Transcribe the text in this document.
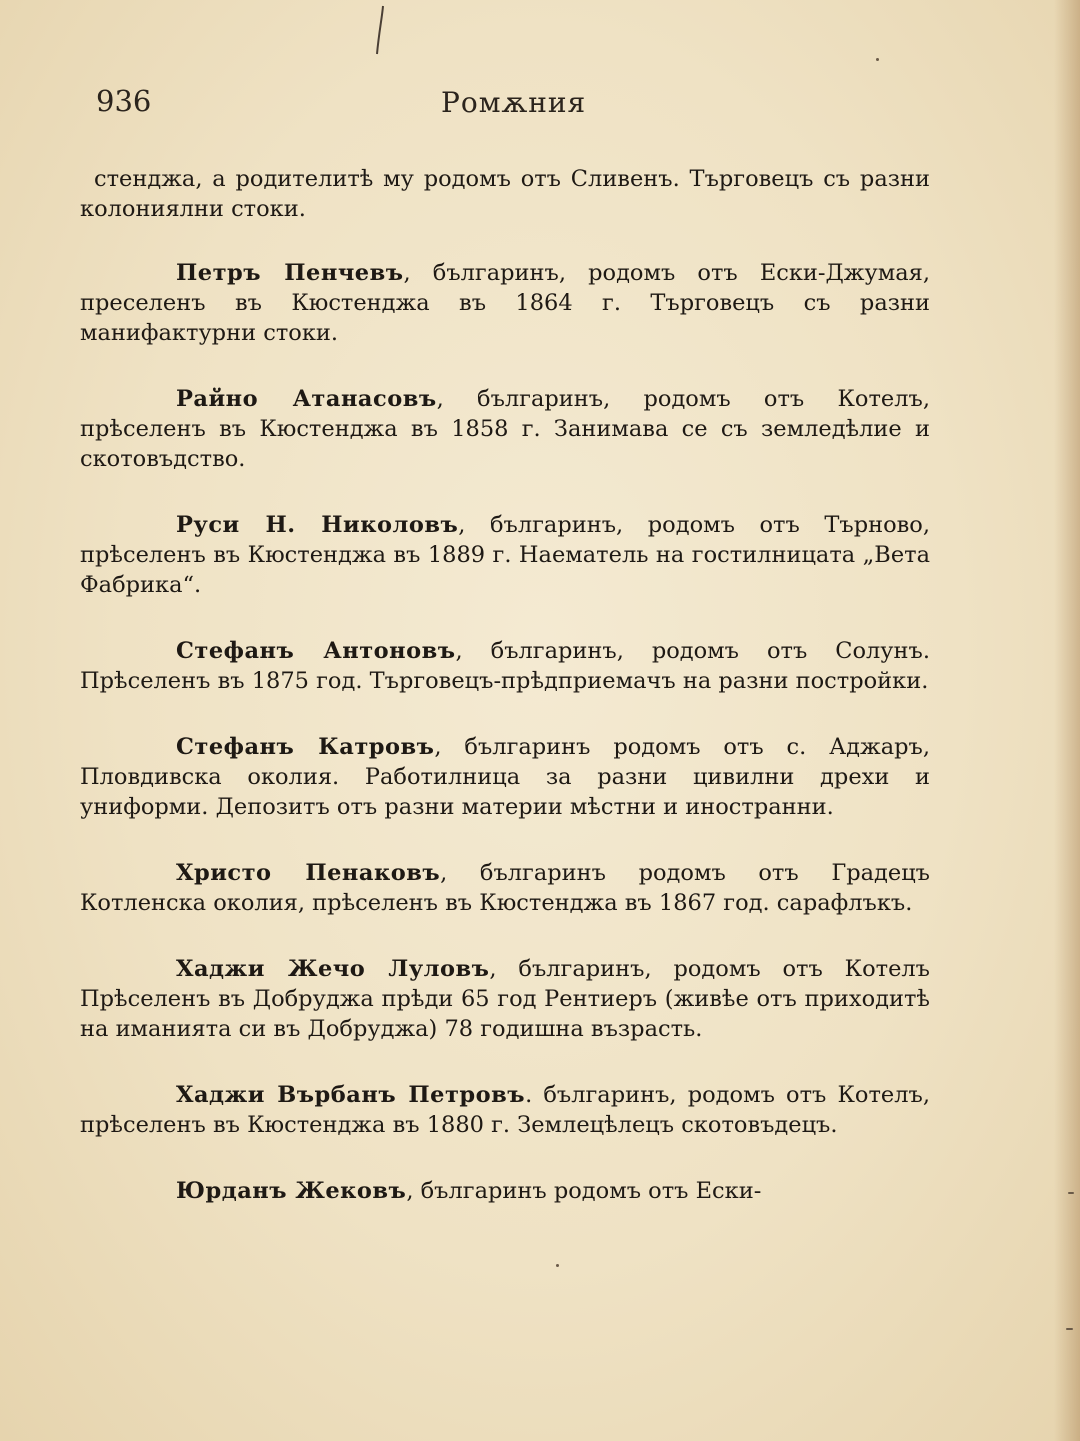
936	Ромѫния
стенджа, а родителитѣ му родомъ отъ Сливенъ. Търговецъ съ разни колониялни стоки.
Петръ Пенчевъ, българинъ, родомъ отъ Ески-Джумая, преселенъ въ Кюстенджа въ 1864 г. Търговецъ съ разни манифактурни стоки.
Райно Атанасовъ, българинъ, родомъ отъ Котелъ, прѣселенъ въ Кюстенджа въ 1858 г. Занимава се съ земледѣлие и скотовъдство.
Руси Н. Николовъ, българинъ, родомъ отъ Търново, прѣселенъ въ Кюстенджа въ 1889 г. Наематель на гостилницата „Вета Фабрика“.
Стефанъ Антоновъ, българинъ, родомъ отъ Солунъ. Прѣселенъ въ 1875 год. Търговецъ-прѣдприемачъ на разни постройки.
Стефанъ Катровъ, българинъ родомъ отъ с. Аджаръ, Пловдивска околия. Работилница за разни цивилни дрехи и униформи. Депозитъ отъ разни материи мѣстни и иностранни.
Христо Пенаковъ, българинъ родомъ отъ Градецъ Котленска околия, прѣселенъ въ Кюстенджа въ 1867 год. сарафлъкъ.
Хаджи Жечо Луловъ, българинъ, родомъ отъ Котелъ Прѣселенъ въ Добруджа прѣди 65 год Рентиеръ (живѣе отъ приходитѣ на иманията си въ Добруджа) 78 годишна възрасть.
Хаджи Върбанъ Петровъ. българинъ, родомъ отъ Котелъ, прѣселенъ въ Кюстенджа въ 1880 г. Землецѣлецъ скотовъдецъ.
Юрданъ Жековъ, българинъ родомъ отъ Ески-
